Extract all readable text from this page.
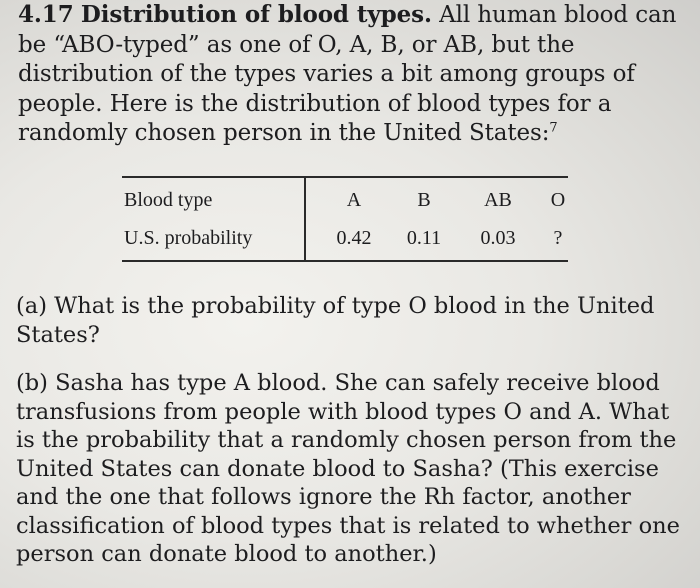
4.17 Distribution of blood types. All human blood can be “ABO-typed” as one of O, A, B, or AB, but the distribution of the types varies a bit among groups of people. Here is the distribution of blood types for a randomly chosen person in the United States:$^7$
Blood type	A	B	AB	O
U.S. probability	0.42	0.11	0.03	?
(a) What is the probability of type O blood in the United States?
(b) Sasha has type A blood. She can safely receive blood transfusions from people with blood types O and A. What is the probability that a randomly chosen person from the United States can donate blood to Sasha? (This exercise and the one that follows ignore the Rh factor, another classification of blood types that is related to whether one person can donate blood to another.)
